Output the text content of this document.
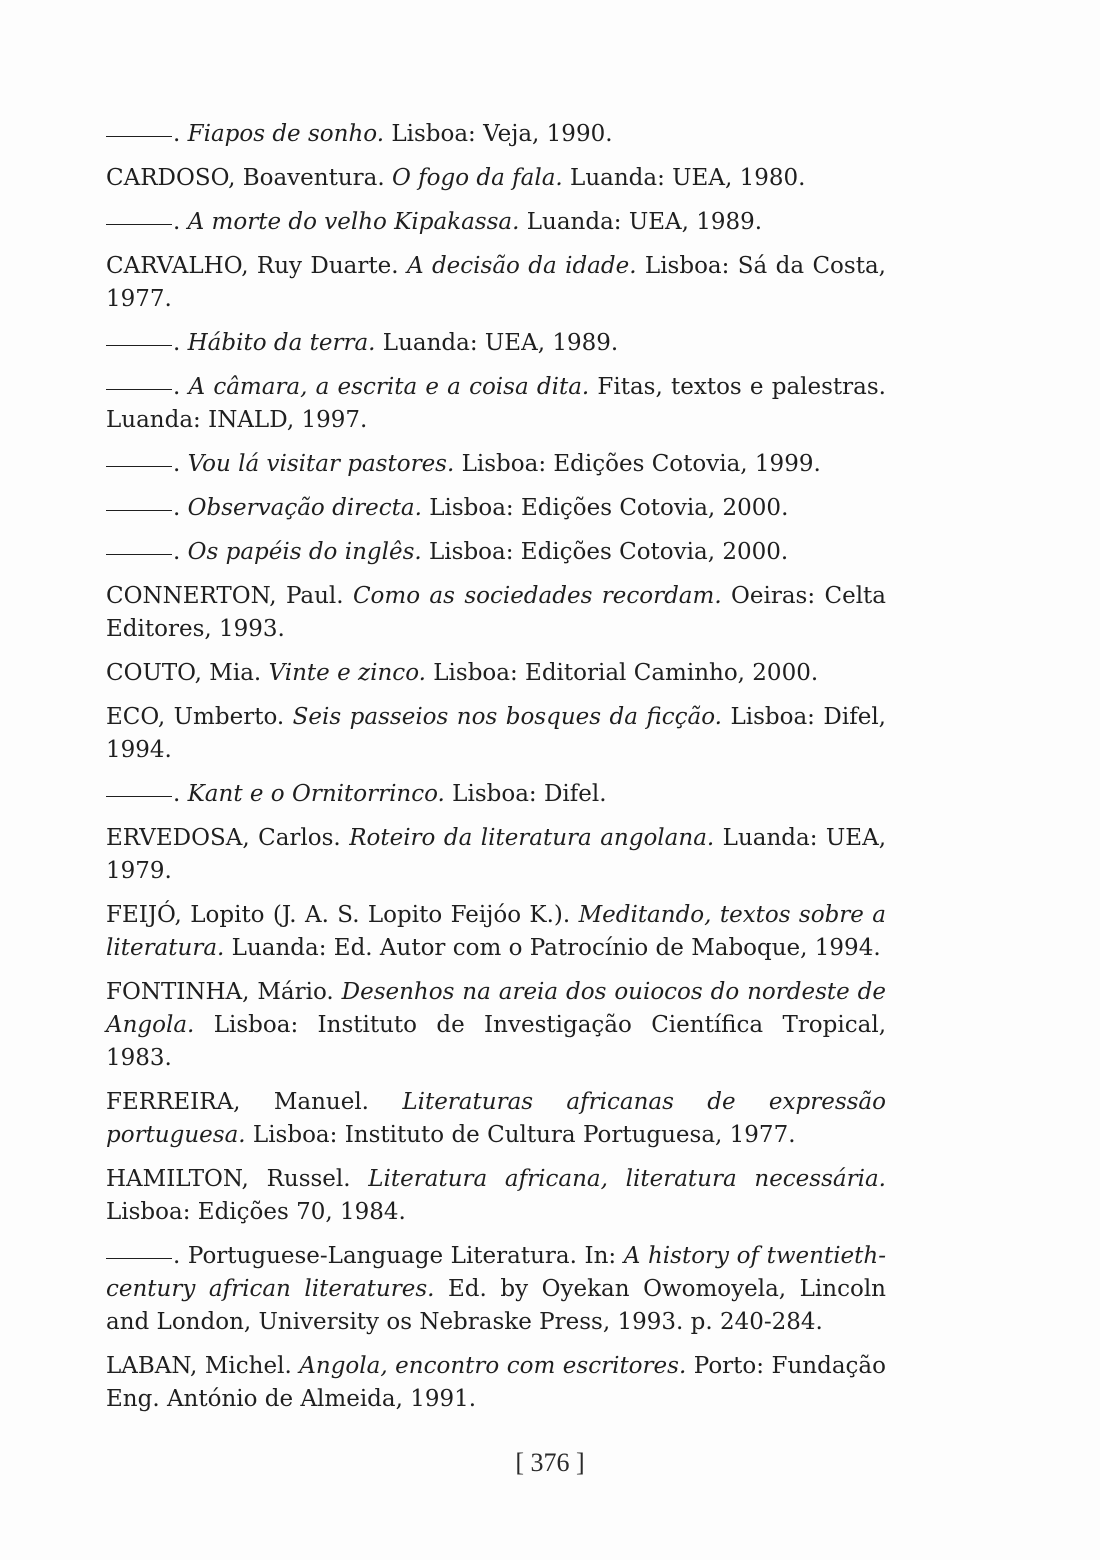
. Fiapos de sonho. Lisboa: Veja, 1990.

CARDOSO, Boaventura. O fogo da fala. Luanda: UEA, 1980.

. A morte do velho Kipakassa. Luanda: UEA, 1989.

CARVALHO, Ruy Duarte. A decisão da idade. Lisboa: Sá da Costa, 1977.

. Hábito da terra. Luanda: UEA, 1989.

. A câmara, a escrita e a coisa dita. Fitas, textos e palestras. Luanda: INALD, 1997.

. Vou lá visitar pastores. Lisboa: Edições Cotovia, 1999.

. Observação directa. Lisboa: Edições Cotovia, 2000.

. Os papéis do inglês. Lisboa: Edições Cotovia, 2000.

CONNERTON, Paul. Como as sociedades recordam. Oeiras: Celta Editores, 1993.

COUTO, Mia. Vinte e zinco. Lisboa: Editorial Caminho, 2000.

ECO, Umberto. Seis passeios nos bosques da ficção. Lisboa: Difel, 1994.

. Kant e o Ornitorrinco. Lisboa: Difel.

ERVEDOSA, Carlos. Roteiro da literatura angolana. Luanda: UEA, 1979.

FEIJÓ, Lopito (J. A. S. Lopito Feijóo K.). Meditando, textos sobre a literatura. Luanda: Ed. Autor com o Patrocínio de Maboque, 1994.

FONTINHA, Mário. Desenhos na areia dos ouiocos do nordeste de Angola. Lisboa: Instituto de Investigação Científica Tropical, 1983.

FERREIRA, Manuel. Literaturas africanas de expressão portuguesa. Lisboa: Instituto de Cultura Portuguesa, 1977.

HAMILTON, Russel. Literatura africana, literatura necessária. Lisboa: Edições 70, 1984.

. Portuguese-Language Literatura. In: A history of twentieth-century african literatures. Ed. by Oyekan Owomoyela, Lincoln and London, University os Nebraske Press, 1993. p. 240-284.

LABAN, Michel. Angola, encontro com escritores. Porto: Fundação Eng. António de Almeida, 1991.

[ 376 ]
